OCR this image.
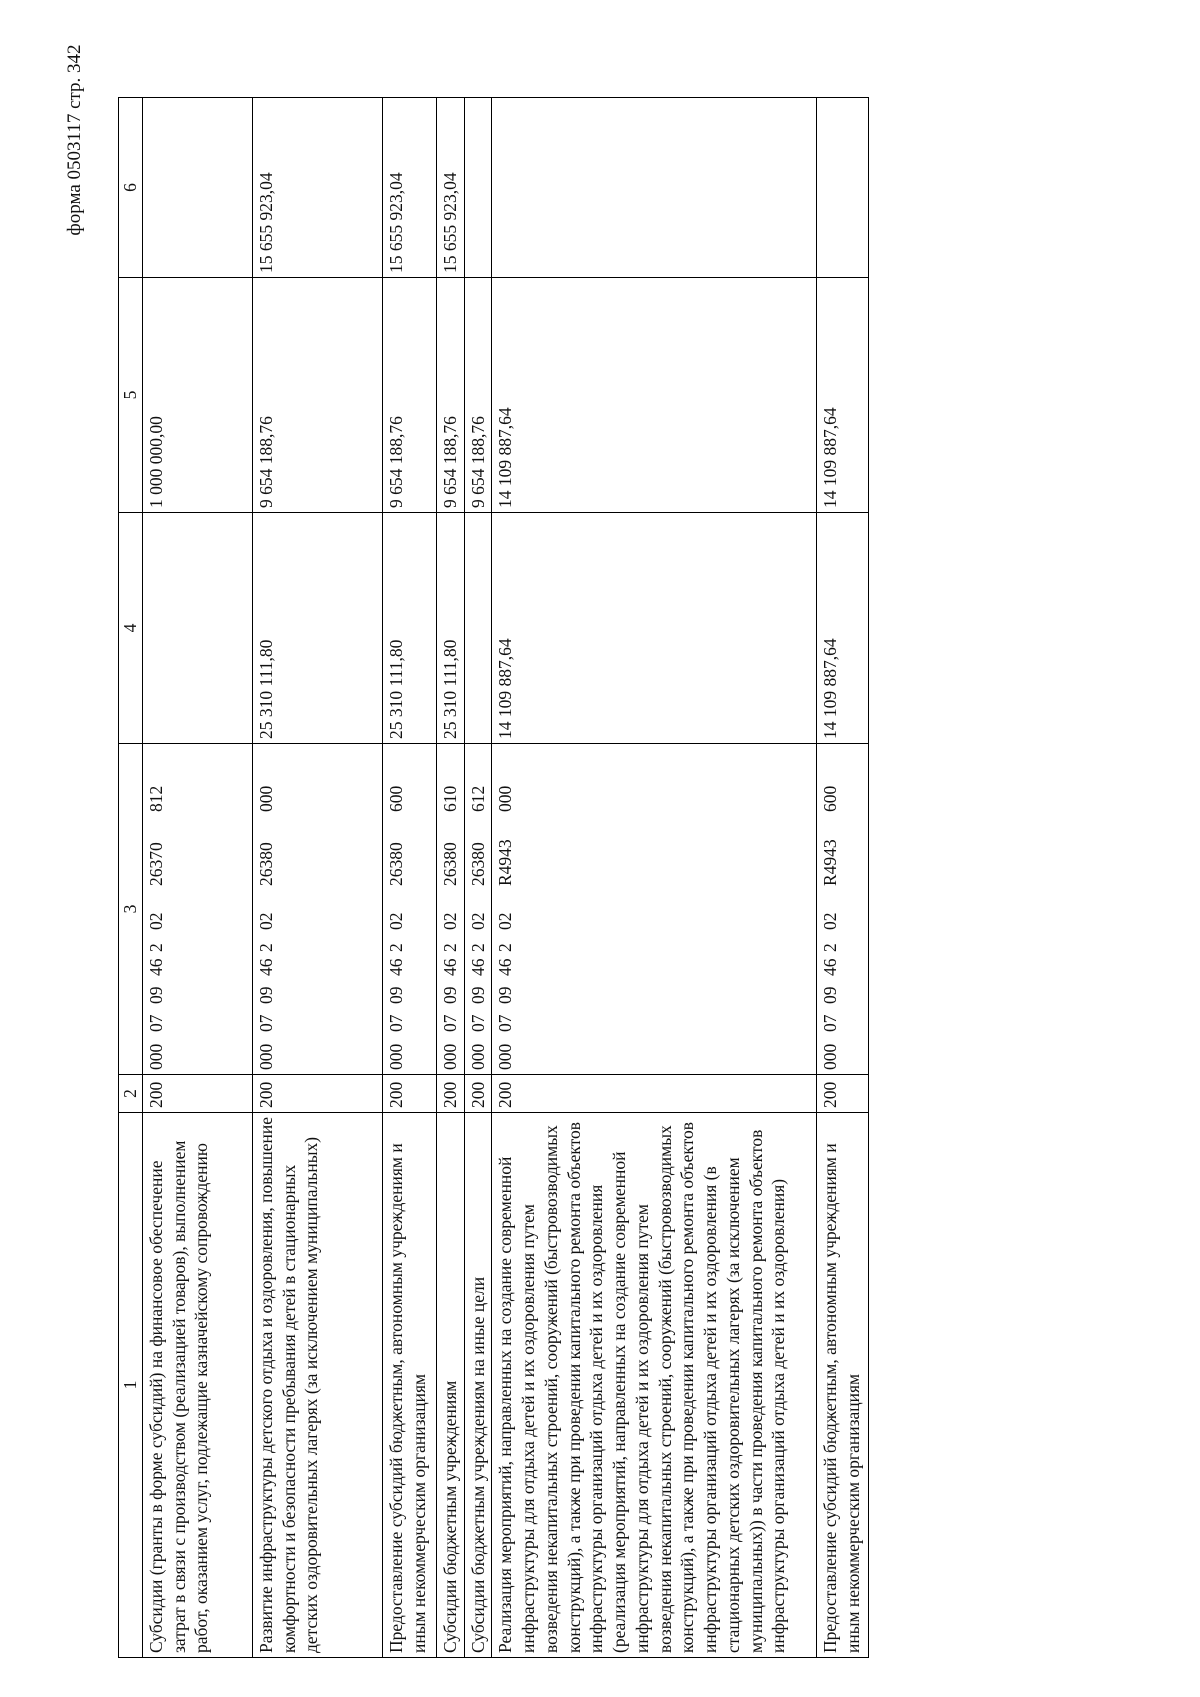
форма 0503117 стр. 342
1	2	3	4	5	6
Субсидии (гранты в форме субсидий) на финансовое обеспечение затрат в связи с производством (реализацией товаров), выполнением работ, оказанием услуг, подлежащие казначейскому сопровождению	200	00007094620226370812		1 000 000,00	
Развитие инфраструктуры детского отдыха и оздоровления, повышение комфортности и безопасности пребывания детей в стационарных детских оздоровительных лагерях (за исключением муниципальных)	200	00007094620226380000	25 310 111,80	9 654 188,76	15 655 923,04
Предоставление субсидий бюджетным, автономным учреждениям и иным некоммерческим организациям	200	00007094620226380600	25 310 111,80	9 654 188,76	15 655 923,04
Субсидии бюджетным учреждениям	200	00007094620226380610	25 310 111,80	9 654 188,76	15 655 923,04
Субсидии бюджетным учреждениям на иные цели	200	00007094620226380612		9 654 188,76	
Реализация мероприятий, направленных на создание современной инфраструктуры для отдыха детей и их оздоровления путем возведения некапитальных строений, сооружений (быстровозводимых конструкций), а также при проведении капитального ремонта объектов инфраструктуры организаций отдыха детей и их оздоровления (реализация мероприятий, направленных на создание современной инфраструктуры для отдыха детей и их оздоровления путем возведения некапитальных строений, сооружений (быстровозводимых конструкций), а также при проведении капитального ремонта объектов инфраструктуры организаций отдыха детей и их оздоровления (в стационарных детских оздоровительных лагерях (за исключением муниципальных)) в части проведения капитального ремонта объектов инфраструктуры организаций отдыха детей и их оздоровления)	200	000070946202R4943000	14 109 887,64	14 109 887,64	
Предоставление субсидий бюджетным, автономным учреждениям и иным некоммерческим организациям	200	000070946202R4943600	14 109 887,64	14 109 887,64	
